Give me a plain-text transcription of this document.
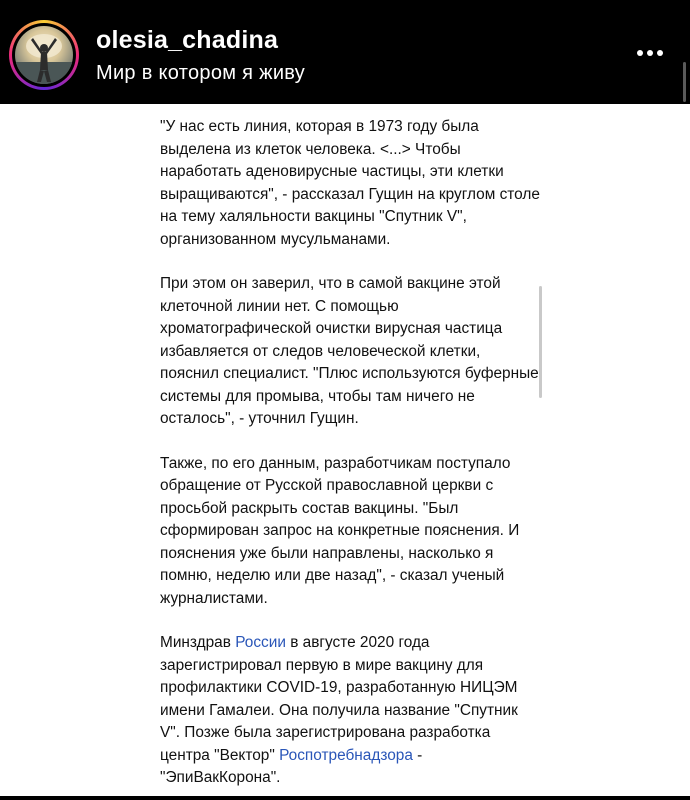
olesia_chadina
Мир в котором я живу

"У нас есть линия, которая в 1973 году была выделена из клеток человека. <...> Чтобы наработать аденовирусные частицы, эти клетки выращиваются", - рассказал Гущин на круглом столе на тему халяльности вакцины "Спутник V", организованном мусульманами.

При этом он заверил, что в самой вакцине этой клеточной линии нет. С помощью хроматографической очистки вирусная частица избавляется от следов человеческой клетки, пояснил специалист. "Плюс используются буферные системы для промыва, чтобы там ничего не осталось", - уточнил Гущин.

Также, по его данным, разработчикам поступало обращение от Русской православной церкви с просьбой раскрыть состав вакцины. "Был сформирован запрос на конкретные пояснения. И пояснения уже были направлены, насколько я помню, неделю или две назад", - сказал ученый журналистами.

Минздрав России в августе 2020 года зарегистрировал первую в мире вакцину для профилактики COVID-19, разработанную НИЦЭМ имени Гамалеи. Она получила название "Спутник V". Позже была зарегистрирована разработка центра "Вектор" Роспотребнадзора - "ЭпиВакКорона".
